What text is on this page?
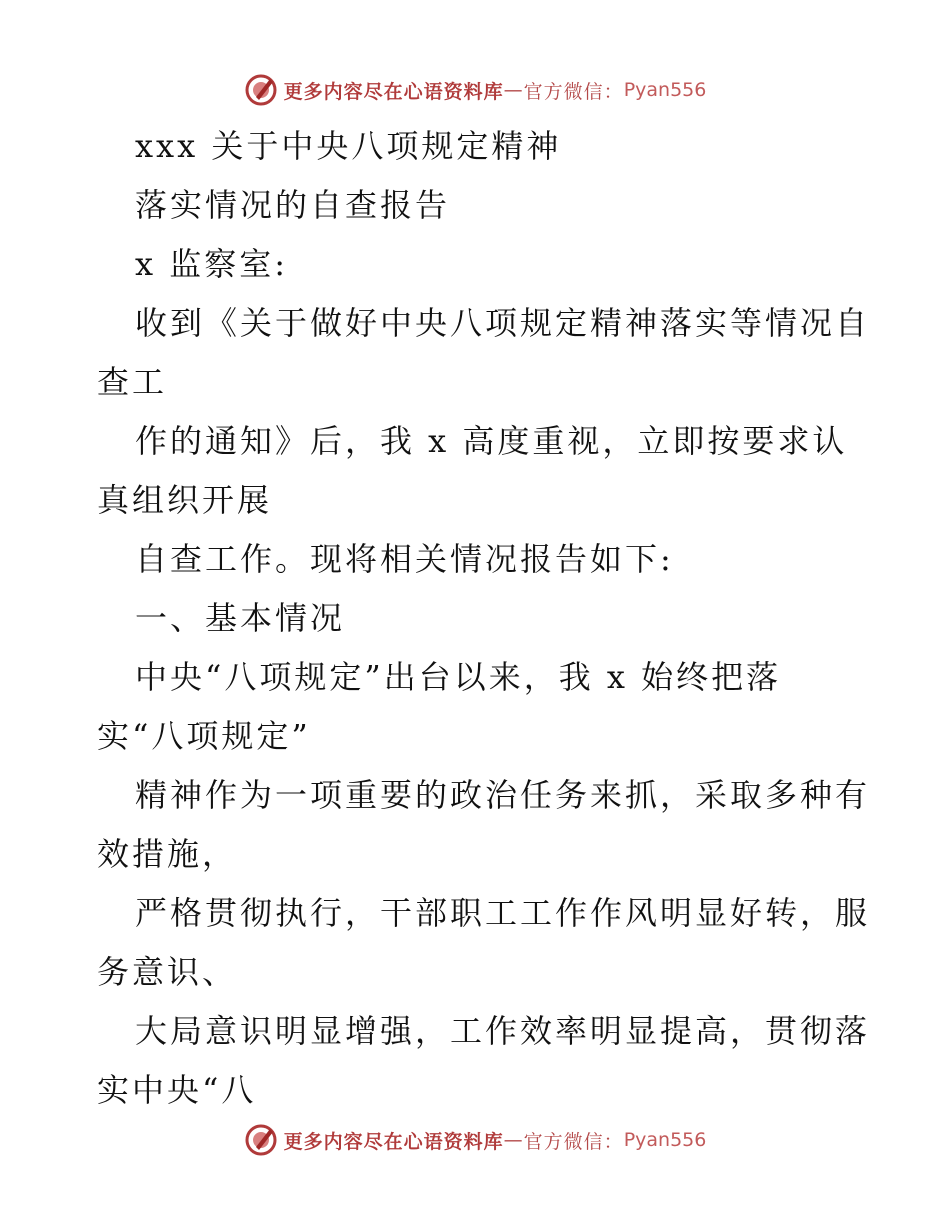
更多内容尽在心语资料库 — 官方微信： Pyan556
xxx 关于中央八项规定精神
落实情况的自查报告
x 监察室:
收到《关于做好中央八项规定精神落实等情况自
查工
作的通知》后，我 x 高度重视，立即按要求认
真组织开展
自查工作。现将相关情况报告如下:
一、基本情况
中央“八项规定”出台以来，我 x 始终把落
实“八项规定”
精神作为一项重要的政治任务来抓，采取多种有
效措施，
严格贯彻执行，干部职工工作作风明显好转，服
务意识、
大局意识明显增强，工作效率明显提高，贯彻落
实中央“八
更多内容尽在心语资料库 — 官方微信： Pyan556
